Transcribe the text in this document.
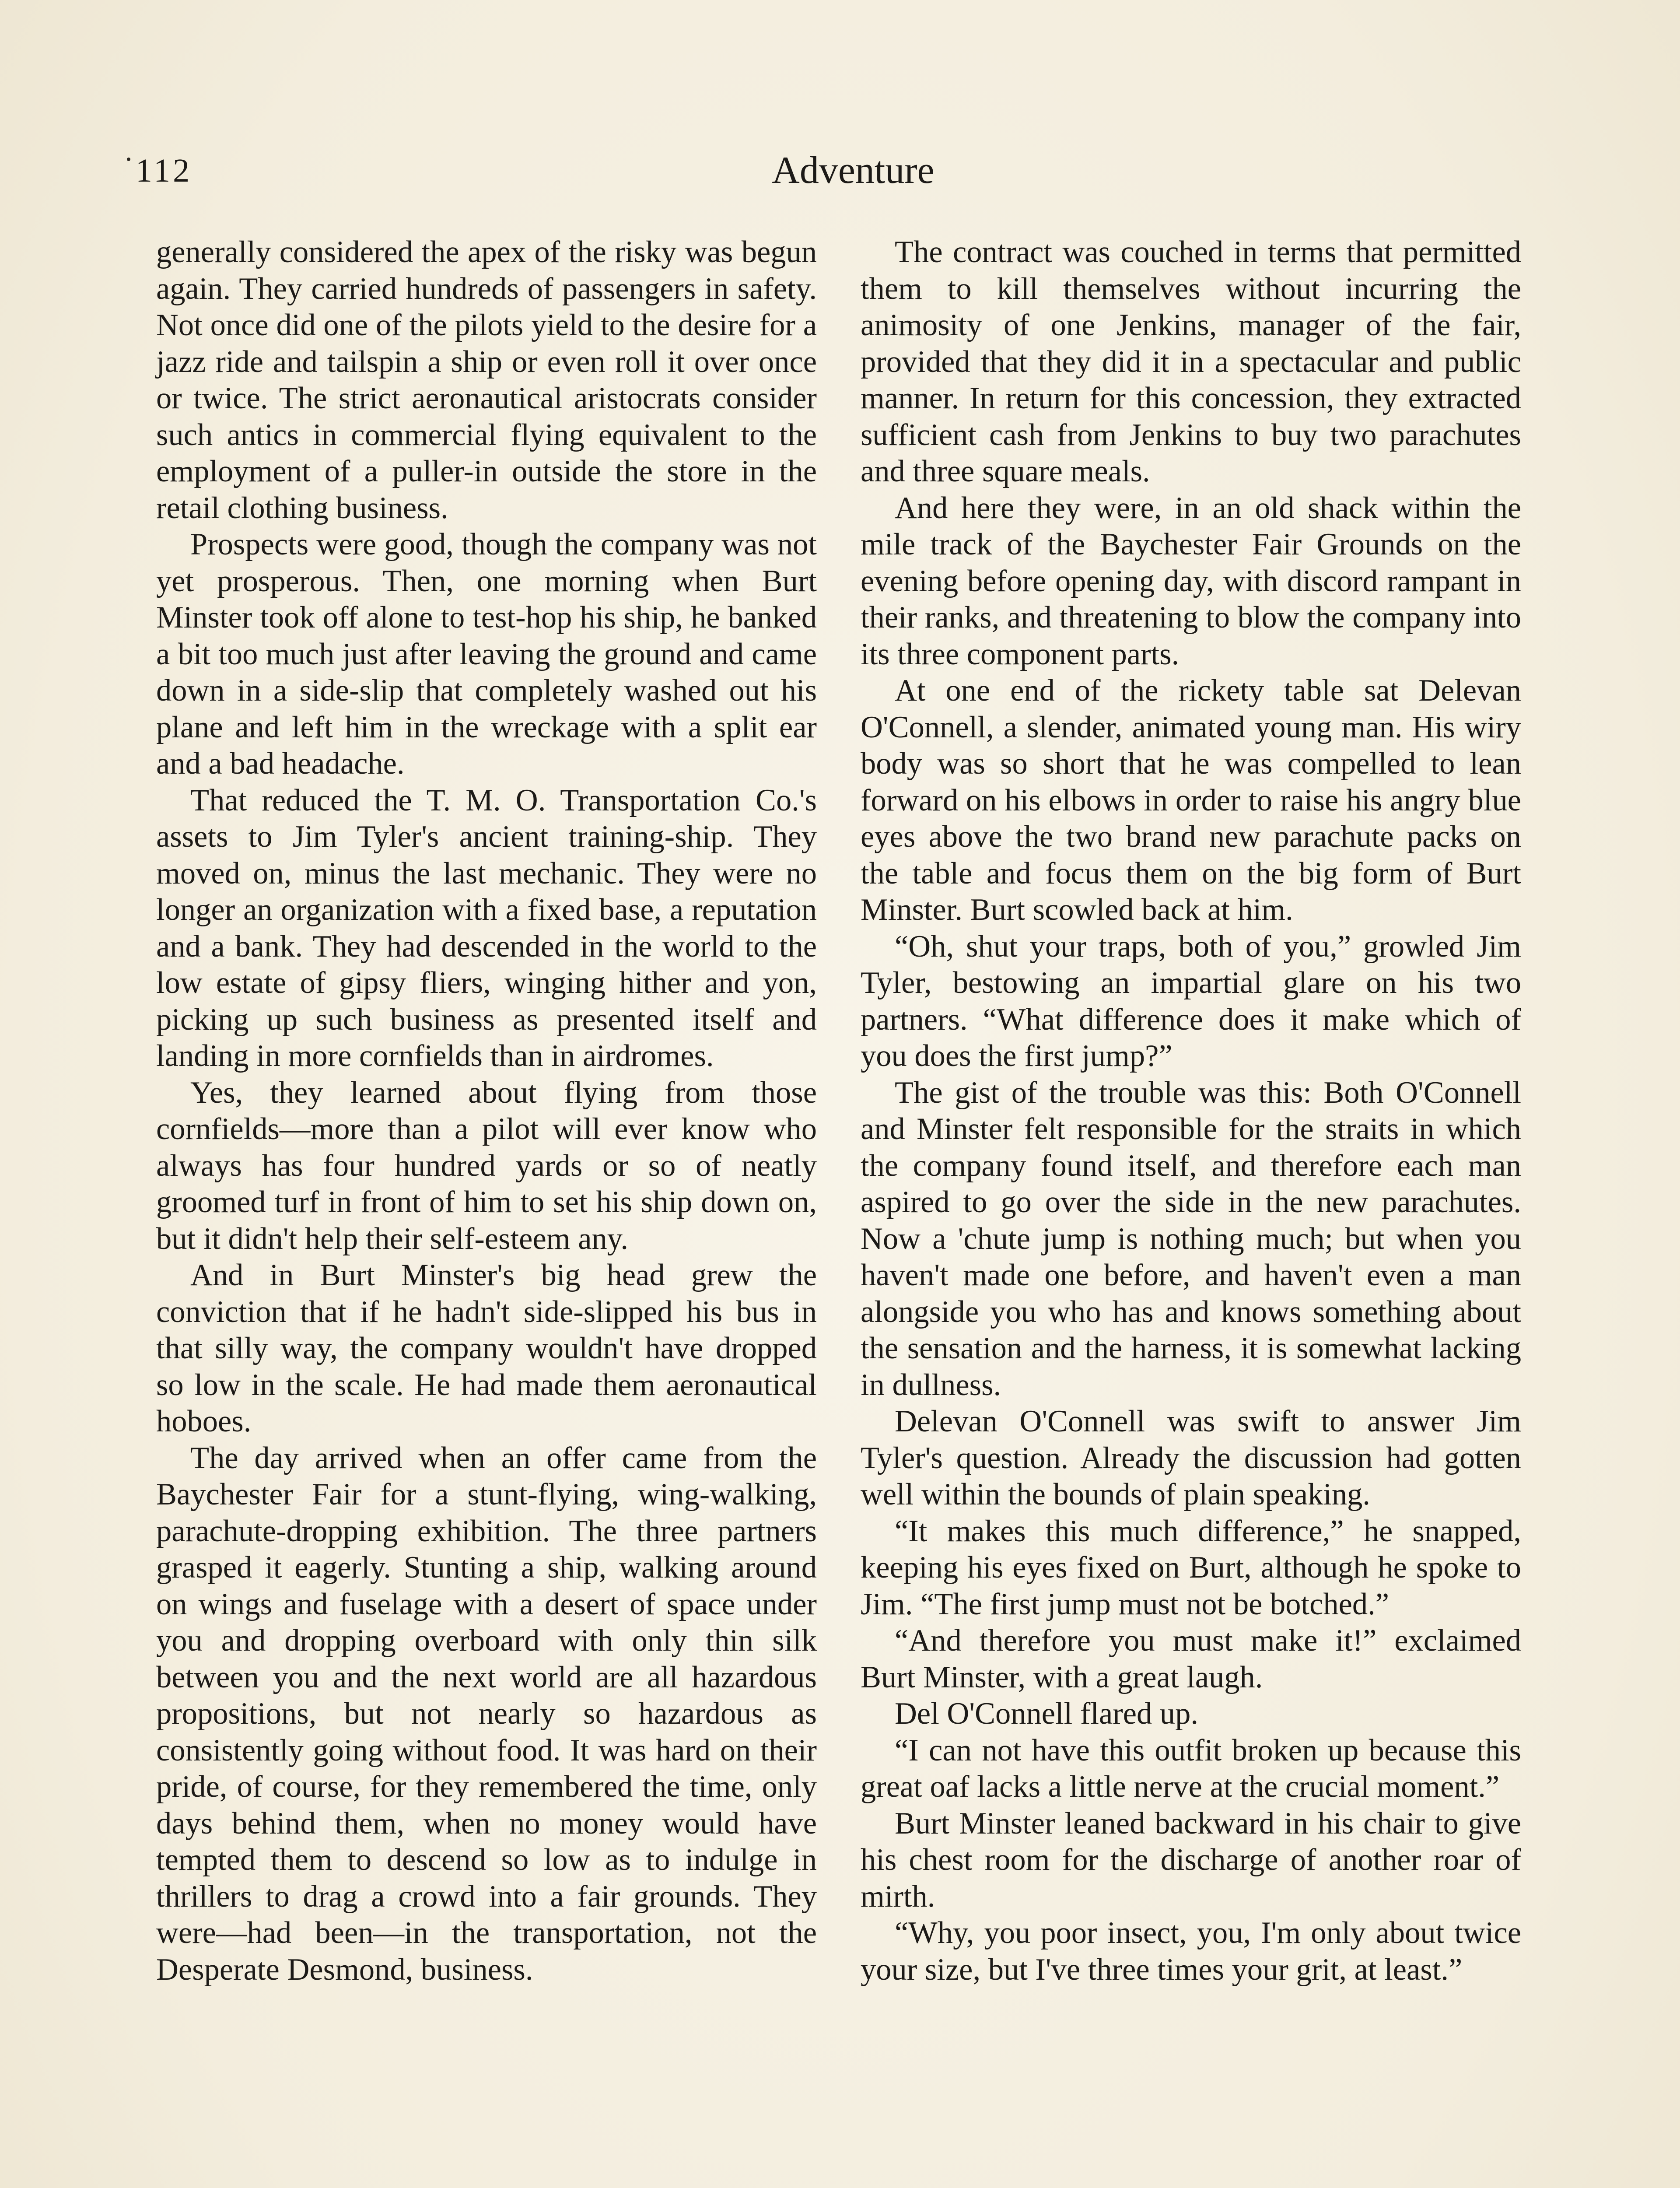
112	Adventure

generally considered the apex of the risky was begun again. They carried hundreds of passengers in safety. Not once did one of the pilots yield to the desire for a jazz ride and tailspin a ship or even roll it over once or twice. The strict aeronautical aristocrats consider such antics in commercial flying equivalent to the employment of a puller-in outside the store in the retail clothing business.

Prospects were good, though the company was not yet prosperous. Then, one morning when Burt Minster took off alone to test-hop his ship, he banked a bit too much just after leaving the ground and came down in a side-slip that completely washed out his plane and left him in the wreckage with a split ear and a bad headache.

That reduced the T. M. O. Transportation Co.'s assets to Jim Tyler's ancient training-ship. They moved on, minus the last mechanic. They were no longer an organization with a fixed base, a reputation and a bank. They had descended in the world to the low estate of gipsy fliers, winging hither and yon, picking up such business as presented itself and landing in more cornfields than in airdromes.

Yes, they learned about flying from those cornfields—more than a pilot will ever know who always has four hundred yards or so of neatly groomed turf in front of him to set his ship down on, but it didn't help their self-esteem any.

And in Burt Minster's big head grew the conviction that if he hadn't side-slipped his bus in that silly way, the company wouldn't have dropped so low in the scale. He had made them aeronautical hoboes.

The day arrived when an offer came from the Baychester Fair for a stunt-flying, wing-walking, parachute-dropping exhibition. The three partners grasped it eagerly. Stunting a ship, walking around on wings and fuselage with a desert of space under you and dropping overboard with only thin silk between you and the next world are all hazardous propositions, but not nearly so hazardous as consistently going without food. It was hard on their pride, of course, for they remembered the time, only days behind them, when no money would have tempted them to descend so low as to indulge in thrillers to drag a crowd into a fair grounds. They were—had been—in the transportation, not the Desperate Desmond, business.

The contract was couched in terms that permitted them to kill themselves without incurring the animosity of one Jenkins, manager of the fair, provided that they did it in a spectacular and public manner. In return for this concession, they extracted sufficient cash from Jenkins to buy two parachutes and three square meals.

And here they were, in an old shack within the mile track of the Baychester Fair Grounds on the evening before opening day, with discord rampant in their ranks, and threatening to blow the company into its three component parts.

At one end of the rickety table sat Delevan O'Connell, a slender, animated young man. His wiry body was so short that he was compelled to lean forward on his elbows in order to raise his angry blue eyes above the two brand new parachute packs on the table and focus them on the big form of Burt Minster. Burt scowled back at him.

“Oh, shut your traps, both of you,” growled Jim Tyler, bestowing an impartial glare on his two partners. “What difference does it make which of you does the first jump?”

The gist of the trouble was this: Both O'Connell and Minster felt responsible for the straits in which the company found itself, and therefore each man aspired to go over the side in the new parachutes. Now a 'chute jump is nothing much; but when you haven't made one before, and haven't even a man alongside you who has and knows something about the sensation and the harness, it is somewhat lacking in dullness.

Delevan O'Connell was swift to answer Jim Tyler's question. Already the discussion had gotten well within the bounds of plain speaking.

“It makes this much difference,” he snapped, keeping his eyes fixed on Burt, although he spoke to Jim. “The first jump must not be botched.”

“And therefore you must make it!” exclaimed Burt Minster, with a great laugh.

Del O'Connell flared up.

“I can not have this outfit broken up because this great oaf lacks a little nerve at the crucial moment.”

Burt Minster leaned backward in his chair to give his chest room for the discharge of another roar of mirth.

“Why, you poor insect, you, I'm only about twice your size, but I've three times your grit, at least.”
